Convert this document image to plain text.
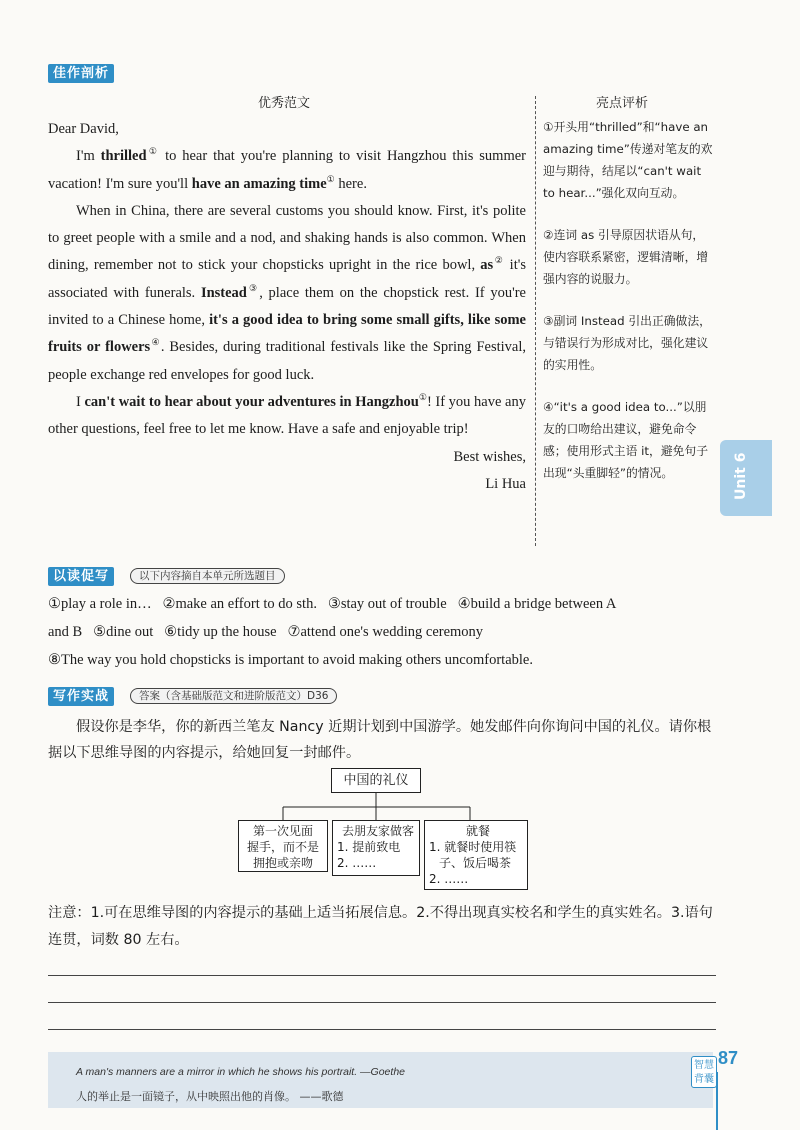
佳作剖析
优秀范文	亮点评析

Dear David,

I'm thrilled① to hear that you're planning to visit Hangzhou this summer vacation! I'm sure you'll have an amazing time① here.

When in China, there are several customs you should know. First, it's polite to greet people with a smile and a nod, and shaking hands is also common. When dining, remember not to stick your chopsticks upright in the rice bowl, as② it's associated with funerals. Instead③, place them on the chopstick rest. If you're invited to a Chinese home, it's a good idea to bring some small gifts, like some fruits or flowers④. Besides, during traditional festivals like the Spring Festival, people exchange red envelopes for good luck.

I can't wait to hear about your adventures in Hangzhou①! If you have any other questions, feel free to let me know. Have a safe and enjoyable trip!

Best wishes,

Li Hua

①开头用“thrilled”和“have an amazing time”传递对笔友的欢迎与期待，结尾以“can't wait to hear...”强化双向互动。
②连词 as 引导原因状语从句，使内容联系紧密，逻辑清晰，增强内容的说服力。
③副词 Instead 引出正确做法，与错误行为形成对比，强化建议的实用性。
④“it's a good idea to...”以朋友的口吻给出建议，避免命令感；使用形式主语 it，避免句子出现“头重脚轻”的情况。	Unit 6
以读促写	以下内容摘自本单元所选题目

①play a role in…   ②make an effort to do sth.   ③stay out of trouble   ④build a bridge between A

and B   ⑤dine out   ⑥tidy up the house   ⑦attend one's wedding ceremony

⑧The way you hold chopsticks is important to avoid making others uncomfortable.

写作实战	答案（含基础版范文和进阶版范文）D36

假设你是李华，你的新西兰笔友 Nancy 近期计划到中国游学。她发邮件向你询问中国的礼仪。请你根据以下思维导图的内容提示，给她回复一封邮件。

中国的礼仪
第一次见面
握手，而不是
拥抱或亲吻
去朋友家做客
1. 提前致电
2. ……
就餐
1. 就餐时使用筷
子、饭后喝茶
2. ……

注意：1.可在思维导图的内容提示的基础上适当拓展信息。2.不得出现真实校名和学生的真实姓名。3.语句连贯，词数 80 左右。

A man's manners are a mirror in which he shows his portrait. —Goethe
人的举止是一面镜子，从中映照出他的肖像。 ——歌德
智慧
背囊
87
